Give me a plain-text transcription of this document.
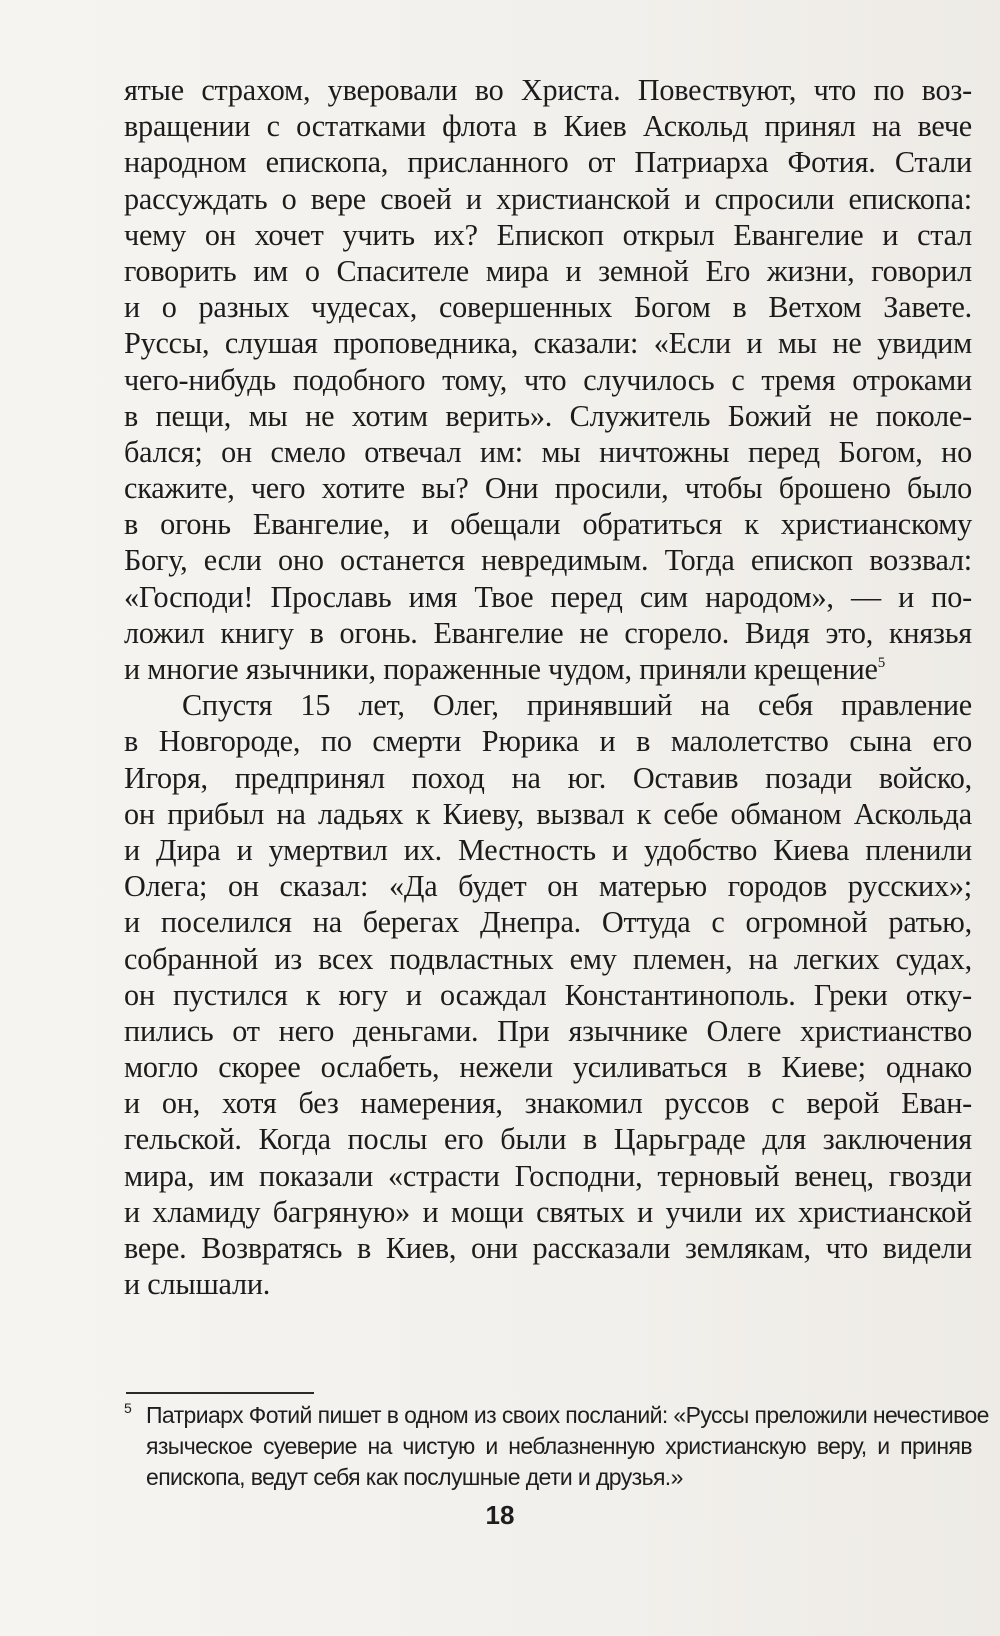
ятые страхом, уверовали во Христа. Повествуют, что по воз-
вращении с остатками флота в Киев Аскольд принял на вече
народном епископа, присланного от Патриарха Фотия. Стали
рассуждать о вере своей и христианской и спросили епископа:
чему он хочет учить их? Епископ открыл Евангелие и стал
говорить им о Спасителе мира и земной Его жизни, говорил
и о разных чудесах, совершенных Богом в Ветхом Завете.
Руссы, слушая проповедника, сказали: «Если и мы не увидим
чего-нибудь подобного тому, что случилось с тремя отроками
в пещи, мы не хотим верить». Служитель Божий не поколе-
бался; он смело отвечал им: мы ничтожны перед Богом, но
скажите, чего хотите вы? Они просили, чтобы брошено было
в огонь Евангелие, и обещали обратиться к христианскому
Богу, если оно останется невредимым. Тогда епископ воззвал:
«Господи! Прославь имя Твое перед сим народом», — и по-
ложил книгу в огонь. Евангелие не сгорело. Видя это, князья
и многие язычники, пораженные чудом, приняли крещение$^5$
Спустя 15 лет, Олег, принявший на себя правление
в Новгороде, по смерти Рюрика и в малолетство сына его
Игоря, предпринял поход на юг. Оставив позади войско,
он прибыл на ладьях к Киеву, вызвал к себе обманом Аскольда
и Дира и умертвил их. Местность и удобство Киева пленили
Олега; он сказал: «Да будет он матерью городов русских»;
и поселился на берегах Днепра. Оттуда с огромной ратью,
собранной из всех подвластных ему племен, на легких судах,
он пустился к югу и осаждал Константинополь. Греки отку-
пились от него деньгами. При язычнике Олеге христианство
могло скорее ослабеть, нежели усиливаться в Киеве; однако
и он, хотя без намерения, знакомил руссов с верой Еван-
гельской. Когда послы его были в Царьграде для заключения
мира, им показали «страсти Господни, терновый венец, гвозди
и хламиду багряную» и мощи святых и учили их христианской
вере. Возвратясь в Киев, они рассказали землякам, что видели
и слышали.
5 Патриарх Фотий пишет в одном из своих посланий: «Руссы преложили нечестивое
языческое суеверие на чистую и неблазненную христианскую веру, и приняв
епископа, ведут себя как послушные дети и друзья.»
18
